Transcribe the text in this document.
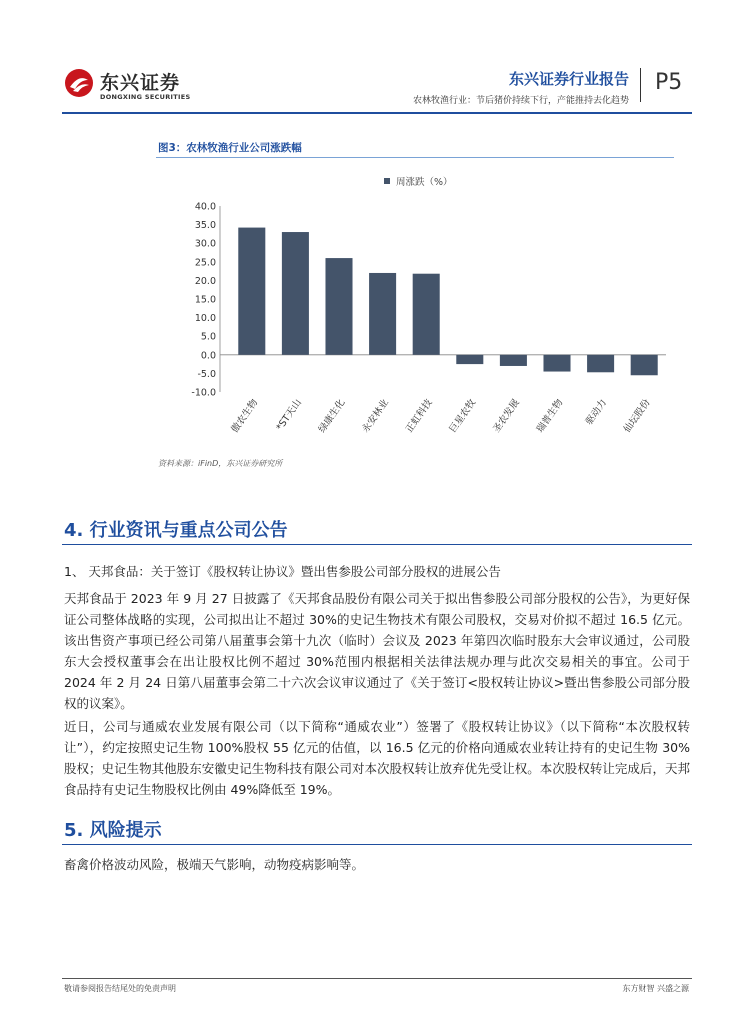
东兴证券
DONGXING SECURITIES
东兴证券行业报告
农林牧渔行业：节后猪价持续下行，产能推持去化趋势
P5
图3：农林牧渔行业公司涨跌幅
周涨跌（%）
40.0
35.0
30.0
25.0
20.0
15.0
10.0
5.0
0.0
-5.0
-10.0
傲农生物 *ST天山 绿康生化 永安林业 正虹科技 巨星农牧 圣农发展 瑞普生物 驱动力 仙坛股份
资料来源：iFinD，东兴证券研究所
4. 行业资讯与重点公司公告
1、 天邦食品：关于签订《股权转让协议》暨出售参股公司部分股权的进展公告
天邦食品于 2023 年 9 月 27 日披露了《天邦食品股份有限公司关于拟出售参股公司部分股权的公告》，为更好保证公司整体战略的实现，公司拟出让不超过 30%的史记生物技术有限公司股权，交易对价拟不超过 16.5 亿元。该出售资产事项已经公司第八届董事会第十九次（临时）会议及 2023 年第四次临时股东大会审议通过，公司股东大会授权董事会在出让股权比例不超过 30%范围内根据相关法律法规办理与此次交易相关的事宜。公司于 2024 年 2 月 24 日第八届董事会第二十六次会议审议通过了《关于签订<股权转让协议>暨出售参股公司部分股权的议案》。
近日，公司与通威农业发展有限公司（以下简称“通威农业”）签署了《股权转让协议》（以下简称“本次股权转让”），约定按照史记生物 100%股权 55 亿元的估值，以 16.5 亿元的价格向通威农业转让持有的史记生物 30%股权；史记生物其他股东安徽史记生物科技有限公司对本次股权转让放弃优先受让权。本次股权转让完成后，天邦食品持有史记生物股权比例由 49%降低至 19%。
5. 风险提示
畜禽价格波动风险，极端天气影响，动物疫病影响等。
敬请参阅报告结尾处的免责声明	东方财智 兴盛之源
